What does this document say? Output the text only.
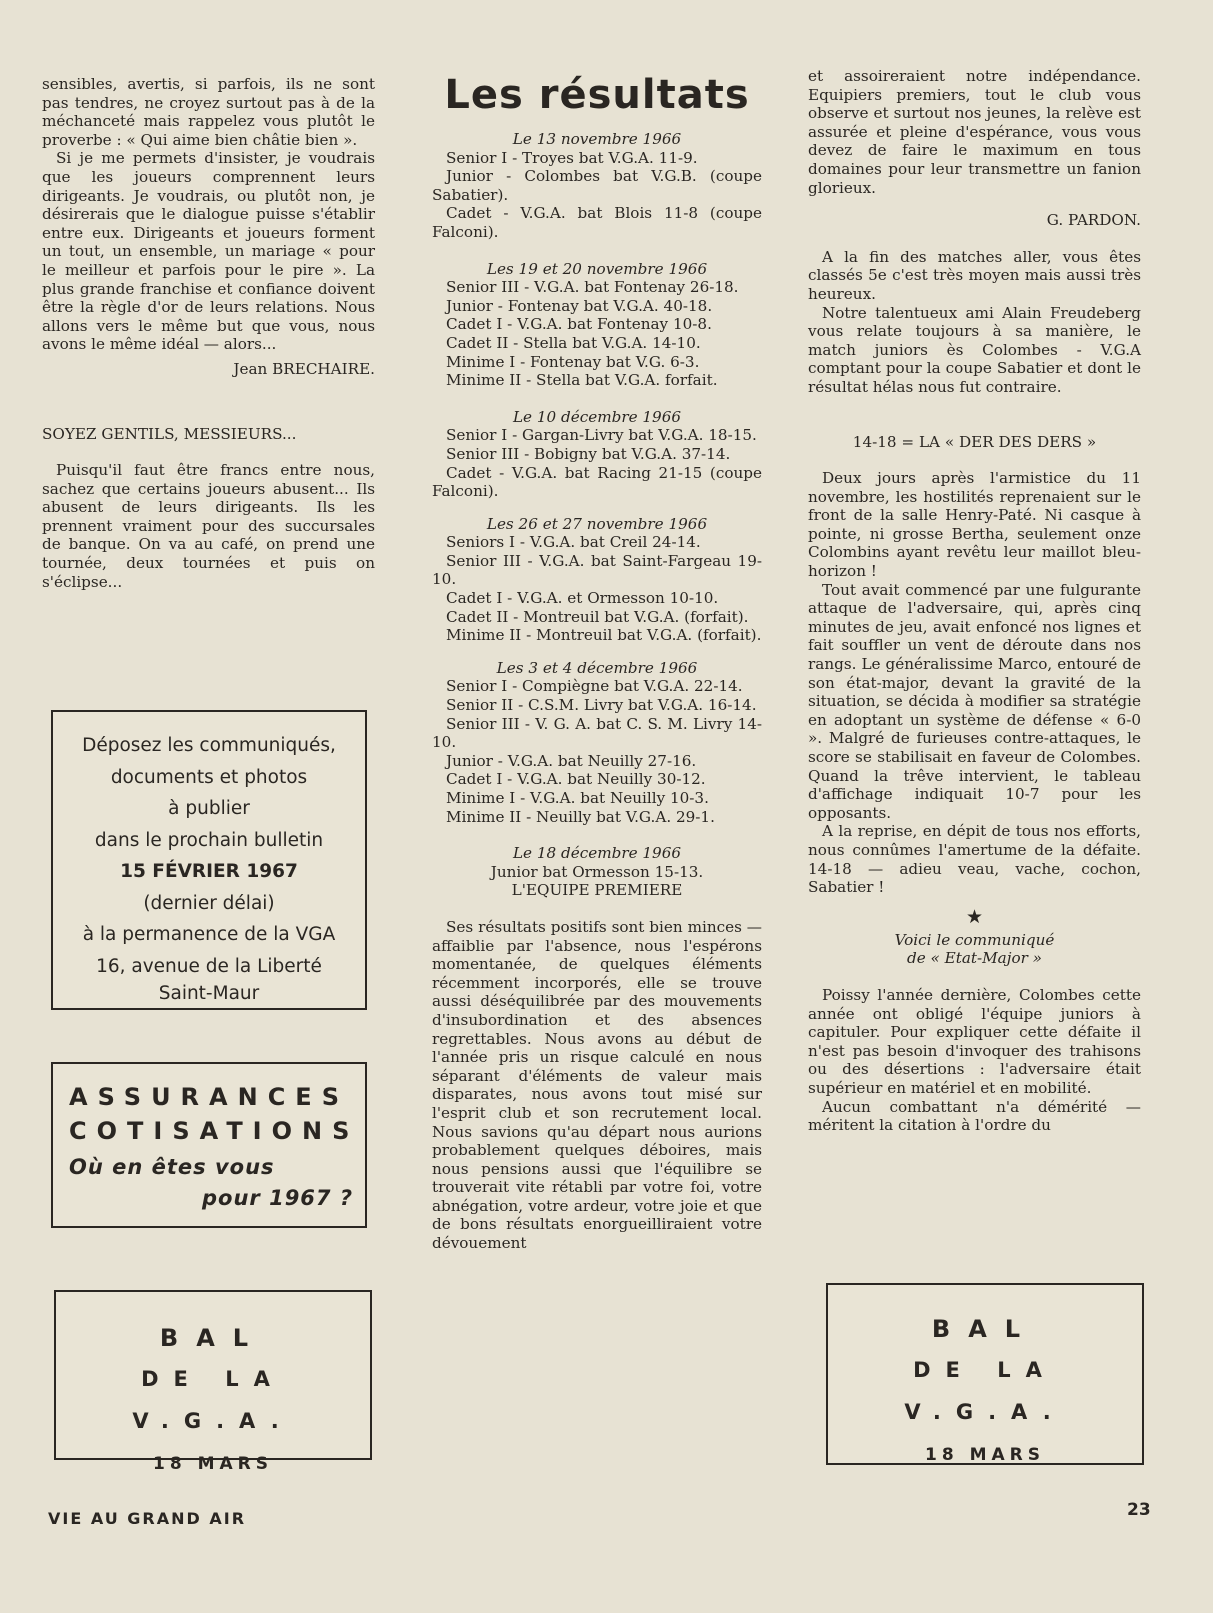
sensibles, avertis, si parfois, ils ne sont pas tendres, ne croyez surtout pas à de la méchanceté mais rappelez vous plutôt le proverbe : « Qui aime bien châtie bien ».

Si je me permets d'insister, je voudrais que les joueurs comprennent leurs dirigeants. Je voudrais, ou plutôt non, je désirerais que le dialogue puisse s'établir entre eux. Dirigeants et joueurs forment un tout, un ensemble, un mariage « pour le meilleur et parfois pour le pire ». La plus grande franchise et confiance doivent être la règle d'or de leurs relations. Nous allons vers le même but que vous, nous avons le même idéal — alors...

Jean BRECHAIRE.

SOYEZ GENTILS, MESSIEURS...

Puisqu'il faut être francs entre nous, sachez que certains joueurs abusent... Ils abusent de leurs dirigeants. Ils les prennent vraiment pour des succursales de banque. On va au café, on prend une tournée, deux tournées et puis on s'éclipse...

Déposez les communiqués,
documents et photos
à publier
dans le prochain bulletin
15 FÉVRIER 1967
(dernier délai)
à la permanence de la VGA
16, avenue de la Liberté
Saint-Maur
ASSURANCES
COTISATIONS
Où en êtes vous
pour 1967 ?
BAL
DE LA V.G.A.
18 MARS
Les résultats

Le 13 novembre 1966

Senior I - Troyes bat V.G.A. 11-9.

Junior - Colombes bat V.G.B. (coupe Sabatier).

Cadet - V.G.A. bat Blois 11-8 (coupe Falconi).

Les 19 et 20 novembre 1966

Senior III - V.G.A. bat Fontenay 26-18.

Junior - Fontenay bat V.G.A. 40-18.

Cadet I - V.G.A. bat Fontenay 10-8.

Cadet II - Stella bat V.G.A. 14-10.

Minime I - Fontenay bat V.G. 6-3.

Minime II - Stella bat V.G.A. forfait.

Le 10 décembre 1966

Senior I - Gargan-Livry bat V.G.A. 18-15.

Senior III - Bobigny bat V.G.A. 37-14.

Cadet - V.G.A. bat Racing 21-15 (coupe Falconi).

Les 26 et 27 novembre 1966

Seniors I - V.G.A. bat Creil 24-14.

Senior III - V.G.A. bat Saint-Fargeau 19-10.

Cadet I - V.G.A. et Ormesson 10-10.

Cadet II - Montreuil bat V.G.A. (forfait).

Minime II - Montreuil bat V.G.A. (forfait).

Les 3 et 4 décembre 1966

Senior I - Compiègne bat V.G.A. 22-14.

Senior II - C.S.M. Livry bat V.G.A. 16-14.

Senior III - V. G. A. bat C. S. M. Livry 14-10.

Junior - V.G.A. bat Neuilly 27-16.

Cadet I - V.G.A. bat Neuilly 30-12.

Minime I - V.G.A. bat Neuilly 10-3.

Minime II - Neuilly bat V.G.A. 29-1.

Le 18 décembre 1966

Junior bat Ormesson 15-13.

L'EQUIPE PREMIERE

Ses résultats positifs sont bien minces — affaiblie par l'absence, nous l'espérons momentanée, de quelques éléments récemment incorporés, elle se trouve aussi déséquilibrée par des mouvements d'insubordination et des absences regrettables. Nous avons au début de l'année pris un risque calculé en nous séparant d'éléments de valeur mais disparates, nous avons tout misé sur l'esprit club et son recrutement local. Nous savions qu'au départ nous aurions probablement quelques déboires, mais nous pensions aussi que l'équilibre se trouverait vite rétabli par votre foi, votre abnégation, votre ardeur, votre joie et que de bons résultats enorgueilliraient votre dévouement

et assoireraient notre indépendance. Equipiers premiers, tout le club vous observe et surtout nos jeunes, la relève est assurée et pleine d'espérance, vous vous devez de faire le maximum en tous domaines pour leur transmettre un fanion glorieux.

G. PARDON.

A la fin des matches aller, vous êtes classés 5e c'est très moyen mais aussi très heureux.

Notre talentueux ami Alain Freudeberg vous relate toujours à sa manière, le match juniors ès Colombes - V.G.A comptant pour la coupe Sabatier et dont le résultat hélas nous fut contraire.

14-18 = LA « DER DES DERS »

Deux jours après l'armistice du 11 novembre, les hostilités reprenaient sur le front de la salle Henry-Paté. Ni casque à pointe, ni grosse Bertha, seulement onze Colombins ayant revêtu leur maillot bleu-horizon !

Tout avait commencé par une fulgurante attaque de l'adversaire, qui, après cinq minutes de jeu, avait enfoncé nos lignes et fait souffler un vent de déroute dans nos rangs. Le généralissime Marco, entouré de son état-major, devant la gravité de la situation, se décida à modifier sa stratégie en adoptant un système de défense « 6-0 ». Malgré de furieuses contre-attaques, le score se stabilisait en faveur de Colombes. Quand la trêve intervient, le tableau d'affichage indiquait 10-7 pour les opposants.

A la reprise, en dépit de tous nos efforts, nous connûmes l'amertume de la défaite. 14-18 — adieu veau, vache, cochon, Sabatier !

★

Voici le communiqué

de « Etat-Major »

Poissy l'année dernière, Colombes cette année ont obligé l'équipe juniors à capituler. Pour expliquer cette défaite il n'est pas besoin d'invoquer des trahisons ou des désertions : l'adversaire était supérieur en matériel et en mobilité.

Aucun combattant n'a démérité — méritent la citation à l'ordre du

BAL
DE LA V.G.A.
18 MARS
VIE AU GRAND AIR	23
